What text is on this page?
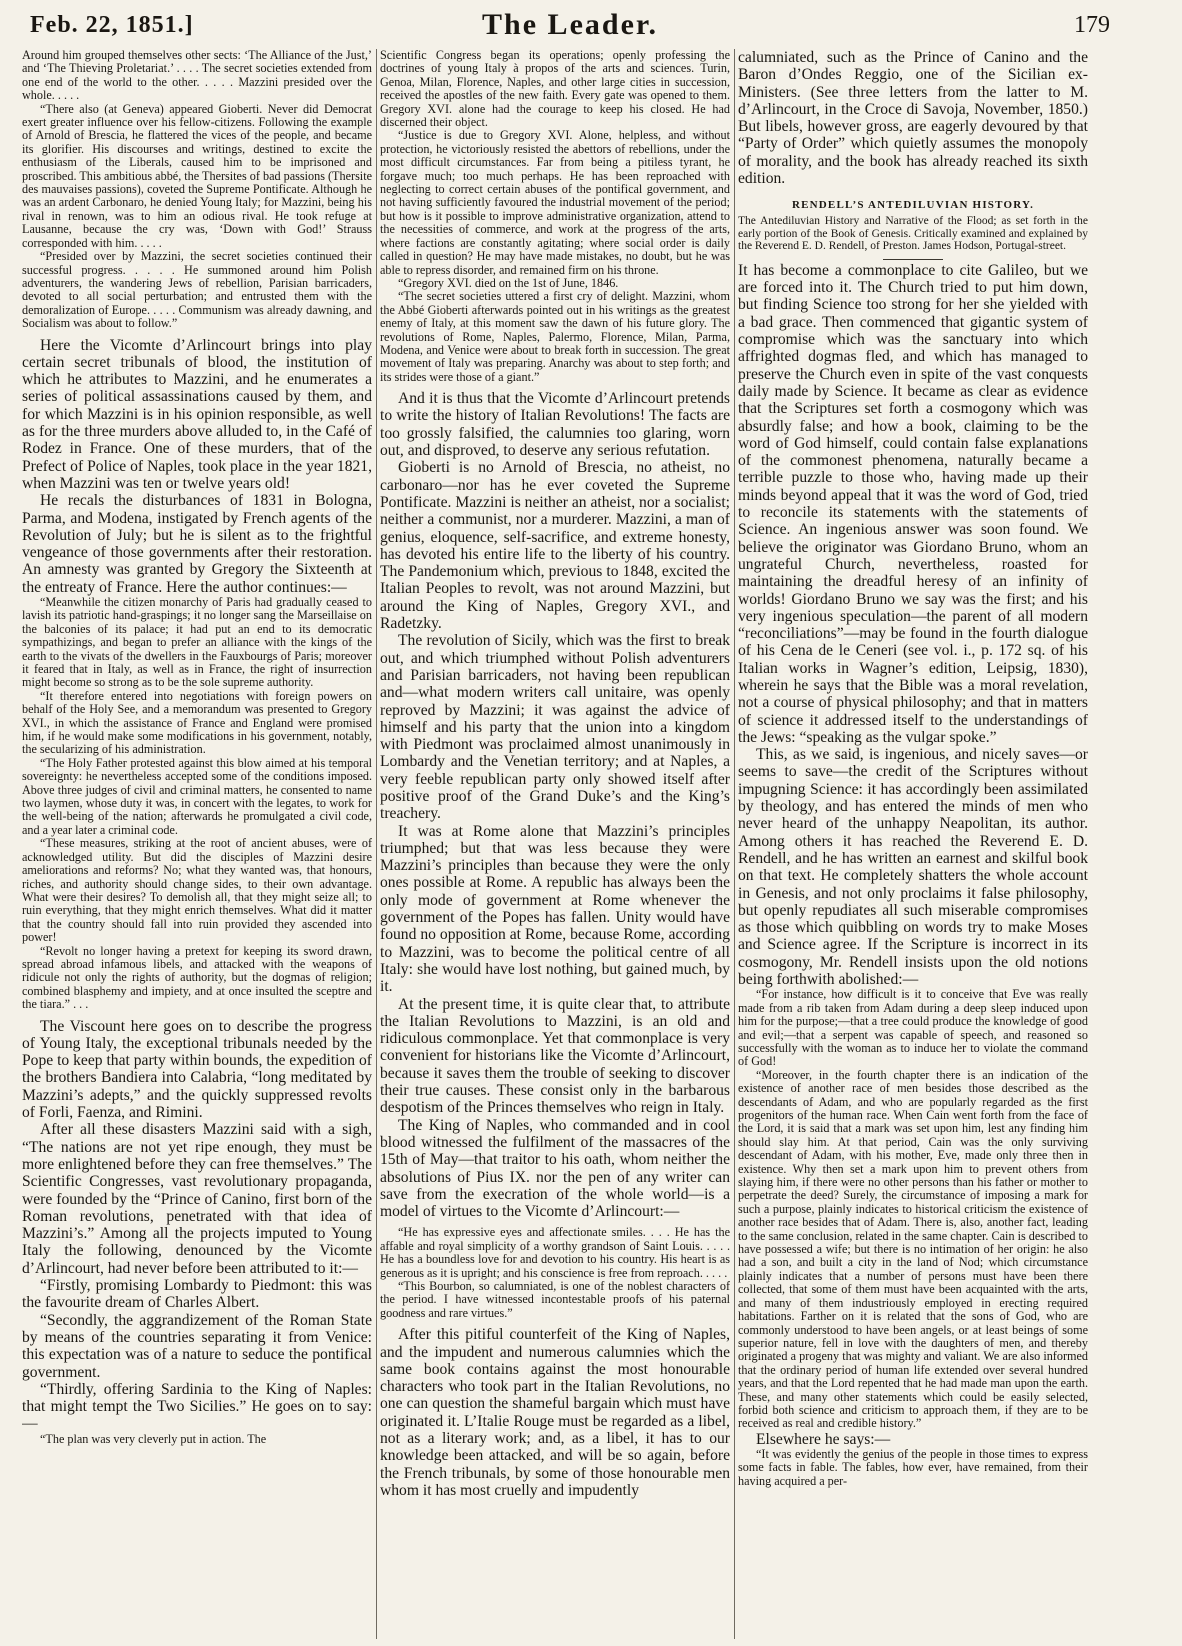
Feb. 22, 1851.]	The Leader.	179

Around him grouped themselves other sects: ‘The Alliance of the Just,’ and ‘The Thieving Proletariat.’ . . . . The secret societies extended from one end of the world to the other. . . . . Mazzini presided over the whole. . . . .

“There also (at Geneva) appeared Gioberti. Never did Democrat exert greater influence over his fellow-citizens. Following the example of Arnold of Brescia, he flattered the vices of the people, and became its glorifier. His discourses and writings, destined to excite the enthusiasm of the Liberals, caused him to be imprisoned and proscribed. This ambitious abbé, the Thersites of bad passions (Thersite des mauvaises passions), coveted the Supreme Pontificate. Although he was an ardent Carbonaro, he denied Young Italy; for Mazzini, being his rival in renown, was to him an odious rival. He took refuge at Lausanne, because the cry was, ‘Down with God!’ Strauss corresponded with him. . . . .

“Presided over by Mazzini, the secret societies continued their successful progress. . . . . He summoned around him Polish adventurers, the wandering Jews of rebellion, Parisian barricaders, devoted to all social perturbation; and entrusted them with the demoralization of Europe. . . . . Communism was already dawning, and Socialism was about to follow.”

Here the Vicomte d’Arlincourt brings into play certain secret tribunals of blood, the institution of which he attributes to Mazzini, and he enumerates a series of political assassinations caused by them, and for which Mazzini is in his opinion responsible, as well as for the three murders above alluded to, in the Café of Rodez in France. One of these murders, that of the Prefect of Police of Naples, took place in the year 1821, when Mazzini was ten or twelve years old!

He recals the disturbances of 1831 in Bologna, Parma, and Modena, instigated by French agents of the Revolution of July; but he is silent as to the frightful vengeance of those governments after their restoration. An amnesty was granted by Gregory the Sixteenth at the entreaty of France. Here the author continues:—

“Meanwhile the citizen monarchy of Paris had gradually ceased to lavish its patriotic hand-graspings; it no longer sang the Marseillaise on the balconies of its palace; it had put an end to its democratic sympathizings, and began to prefer an alliance with the kings of the earth to the vivats of the dwellers in the Fauxbourgs of Paris; moreover it feared that in Italy, as well as in France, the right of insurrection might become so strong as to be the sole supreme authority.

“It therefore entered into negotiations with foreign powers on behalf of the Holy See, and a memorandum was presented to Gregory XVI., in which the assistance of France and England were promised him, if he would make some modifications in his government, notably, the secularizing of his administration.

“The Holy Father protested against this blow aimed at his temporal sovereignty: he nevertheless accepted some of the conditions imposed. Above three judges of civil and criminal matters, he consented to name two laymen, whose duty it was, in concert with the legates, to work for the well-being of the nation; afterwards he promulgated a civil code, and a year later a criminal code.

“These measures, striking at the root of ancient abuses, were of acknowledged utility. But did the disciples of Mazzini desire ameliorations and reforms? No; what they wanted was, that honours, riches, and authority should change sides, to their own advantage. What were their desires? To demolish all, that they might seize all; to ruin everything, that they might enrich themselves. What did it matter that the country should fall into ruin provided they ascended into power!

“Revolt no longer having a pretext for keeping its sword drawn, spread abroad infamous libels, and attacked with the weapons of ridicule not only the rights of authority, but the dogmas of religion; combined blasphemy and impiety, and at once insulted the sceptre and the tiara.” . . .

The Viscount here goes on to describe the progress of Young Italy, the exceptional tribunals needed by the Pope to keep that party within bounds, the expedition of the brothers Bandiera into Calabria, “long meditated by Mazzini’s adepts,” and the quickly suppressed revolts of Forli, Faenza, and Rimini.

After all these disasters Mazzini said with a sigh, “The nations are not yet ripe enough, they must be more enlightened before they can free themselves.” The Scientific Congresses, vast revolutionary propaganda, were founded by the “Prince of Canino, first born of the Roman revolutions, penetrated with that idea of Mazzini’s.” Among all the projects imputed to Young Italy the following, denounced by the Vicomte d’Arlincourt, had never before been attributed to it:—

“Firstly, promising Lombardy to Piedmont: this was the favourite dream of Charles Albert.

“Secondly, the aggrandizement of the Roman State by means of the countries separating it from Venice: this expectation was of a nature to seduce the pontifical government.

“Thirdly, offering Sardinia to the King of Naples: that might tempt the Two Sicilies.” He goes on to say:—

“The plan was very cleverly put in action. The

Scientific Congress began its operations; openly professing the doctrines of young Italy à propos of the arts and sciences. Turin, Genoa, Milan, Florence, Naples, and other large cities in succession, received the apostles of the new faith. Every gate was opened to them. Gregory XVI. alone had the courage to keep his closed. He had discerned their object.

“Justice is due to Gregory XVI. Alone, helpless, and without protection, he victoriously resisted the abettors of rebellions, under the most difficult circumstances. Far from being a pitiless tyrant, he forgave much; too much perhaps. He has been reproached with neglecting to correct certain abuses of the pontifical government, and not having sufficiently favoured the industrial movement of the period; but how is it possible to improve administrative organization, attend to the necessities of commerce, and work at the progress of the arts, where factions are constantly agitating; where social order is daily called in question? He may have made mistakes, no doubt, but he was able to repress disorder, and remained firm on his throne.

“Gregory XVI. died on the 1st of June, 1846.

“The secret societies uttered a first cry of delight. Mazzini, whom the Abbé Gioberti afterwards pointed out in his writings as the greatest enemy of Italy, at this moment saw the dawn of his future glory. The revolutions of Rome, Naples, Palermo, Florence, Milan, Parma, Modena, and Venice were about to break forth in succession. The great movement of Italy was preparing. Anarchy was about to step forth; and its strides were those of a giant.”

And it is thus that the Vicomte d’Arlincourt pretends to write the history of Italian Revolutions! The facts are too grossly falsified, the calumnies too glaring, worn out, and disproved, to deserve any serious refutation.

Gioberti is no Arnold of Brescia, no atheist, no carbonaro—nor has he ever coveted the Supreme Pontificate. Mazzini is neither an atheist, nor a socialist; neither a communist, nor a murderer. Mazzini, a man of genius, eloquence, self-sacrifice, and extreme honesty, has devoted his entire life to the liberty of his country. The Pandemonium which, previous to 1848, excited the Italian Peoples to revolt, was not around Mazzini, but around the King of Naples, Gregory XVI., and Radetzky.

The revolution of Sicily, which was the first to break out, and which triumphed without Polish adventurers and Parisian barricaders, not having been republican and—what modern writers call unitaire, was openly reproved by Mazzini; it was against the advice of himself and his party that the union into a kingdom with Piedmont was proclaimed almost unanimously in Lombardy and the Venetian territory; and at Naples, a very feeble republican party only showed itself after positive proof of the Grand Duke’s and the King’s treachery.

It was at Rome alone that Mazzini’s principles triumphed; but that was less because they were Mazzini’s principles than because they were the only ones possible at Rome. A republic has always been the only mode of government at Rome whenever the government of the Popes has fallen. Unity would have found no opposition at Rome, because Rome, according to Mazzini, was to become the political centre of all Italy: she would have lost nothing, but gained much, by it.

At the present time, it is quite clear that, to attribute the Italian Revolutions to Mazzini, is an old and ridiculous commonplace. Yet that commonplace is very convenient for historians like the Vicomte d’Arlincourt, because it saves them the trouble of seeking to discover their true causes. These consist only in the barbarous despotism of the Princes themselves who reign in Italy.

The King of Naples, who commanded and in cool blood witnessed the fulfilment of the massacres of the 15th of May—that traitor to his oath, whom neither the absolutions of Pius IX. nor the pen of any writer can save from the execration of the whole world—is a model of virtues to the Vicomte d’Arlincourt:—

“He has expressive eyes and affectionate smiles. . . . He has the affable and royal simplicity of a worthy grandson of Saint Louis. . . . . He has a boundless love for and devotion to his country. His heart is as generous as it is upright; and his conscience is free from reproach. . . . .

“This Bourbon, so calumniated, is one of the noblest characters of the period. I have witnessed incontestable proofs of his paternal goodness and rare virtues.”

After this pitiful counterfeit of the King of Naples, and the impudent and numerous calumnies which the same book contains against the most honourable characters who took part in the Italian Revolutions, no one can question the shameful bargain which must have originated it. L’Italie Rouge must be regarded as a libel, not as a literary work; and, as a libel, it has to our knowledge been attacked, and will be so again, before the French tribunals, by some of those honourable men whom it has most cruelly and impudently

calumniated, such as the Prince of Canino and the Baron d’Ondes Reggio, one of the Sicilian ex-Ministers. (See three letters from the latter to M. d’Arlincourt, in the Croce di Savoja, November, 1850.) But libels, however gross, are eagerly devoured by that “Party of Order” which quietly assumes the monopoly of morality, and the book has already reached its sixth edition.

RENDELL’S ANTEDILUVIAN HISTORY.

The Antediluvian History and Narrative of the Flood; as set forth in the early portion of the Book of Genesis. Critically examined and explained by the Reverend E. D. Rendell, of Preston. James Hodson, Portugal-street.

It has become a commonplace to cite Galileo, but we are forced into it. The Church tried to put him down, but finding Science too strong for her she yielded with a bad grace. Then commenced that gigantic system of compromise which was the sanctuary into which affrighted dogmas fled, and which has managed to preserve the Church even in spite of the vast conquests daily made by Science. It became as clear as evidence that the Scriptures set forth a cosmogony which was absurdly false; and how a book, claiming to be the word of God himself, could contain false explanations of the commonest phenomena, naturally became a terrible puzzle to those who, having made up their minds beyond appeal that it was the word of God, tried to reconcile its statements with the statements of Science. An ingenious answer was soon found. We believe the originator was Giordano Bruno, whom an ungrateful Church, nevertheless, roasted for maintaining the dreadful heresy of an infinity of worlds! Giordano Bruno we say was the first; and his very ingenious speculation—the parent of all modern “reconciliations”—may be found in the fourth dialogue of his Cena de le Ceneri (see vol. i., p. 172 sq. of his Italian works in Wagner’s edition, Leipsig, 1830), wherein he says that the Bible was a moral revelation, not a course of physical philosophy; and that in matters of science it addressed itself to the understandings of the Jews: “speaking as the vulgar spoke.”

This, as we said, is ingenious, and nicely saves—or seems to save—the credit of the Scriptures without impugning Science: it has accordingly been assimilated by theology, and has entered the minds of men who never heard of the unhappy Neapolitan, its author. Among others it has reached the Reverend E. D. Rendell, and he has written an earnest and skilful book on that text. He completely shatters the whole account in Genesis, and not only proclaims it false philosophy, but openly repudiates all such miserable compromises as those which quibbling on words try to make Moses and Science agree. If the Scripture is incorrect in its cosmogony, Mr. Rendell insists upon the old notions being forthwith abolished:—

“For instance, how difficult is it to conceive that Eve was really made from a rib taken from Adam during a deep sleep induced upon him for the purpose;—that a tree could produce the knowledge of good and evil;—that a serpent was capable of speech, and reasoned so successfully with the woman as to induce her to violate the command of God!

“Moreover, in the fourth chapter there is an indication of the existence of another race of men besides those described as the descendants of Adam, and who are popularly regarded as the first progenitors of the human race. When Cain went forth from the face of the Lord, it is said that a mark was set upon him, lest any finding him should slay him. At that period, Cain was the only surviving descendant of Adam, with his mother, Eve, made only three then in existence. Why then set a mark upon him to prevent others from slaying him, if there were no other persons than his father or mother to perpetrate the deed? Surely, the circumstance of imposing a mark for such a purpose, plainly indicates to historical criticism the existence of another race besides that of Adam. There is, also, another fact, leading to the same conclusion, related in the same chapter. Cain is described to have possessed a wife; but there is no intimation of her origin: he also had a son, and built a city in the land of Nod; which circumstance plainly indicates that a number of persons must have been there collected, that some of them must have been acquainted with the arts, and many of them industriously employed in erecting required habitations. Farther on it is related that the sons of God, who are commonly understood to have been angels, or at least beings of some superior nature, fell in love with the daughters of men, and thereby originated a progeny that was mighty and valiant. We are also informed that the ordinary period of human life extended over several hundred years, and that the Lord repented that he had made man upon the earth. These, and many other statements which could be easily selected, forbid both science and criticism to approach them, if they are to be received as real and credible history.”

Elsewhere he says:—

“It was evidently the genius of the people in those times to express some facts in fable. The fables, how ever, have remained, from their having acquired a per-
